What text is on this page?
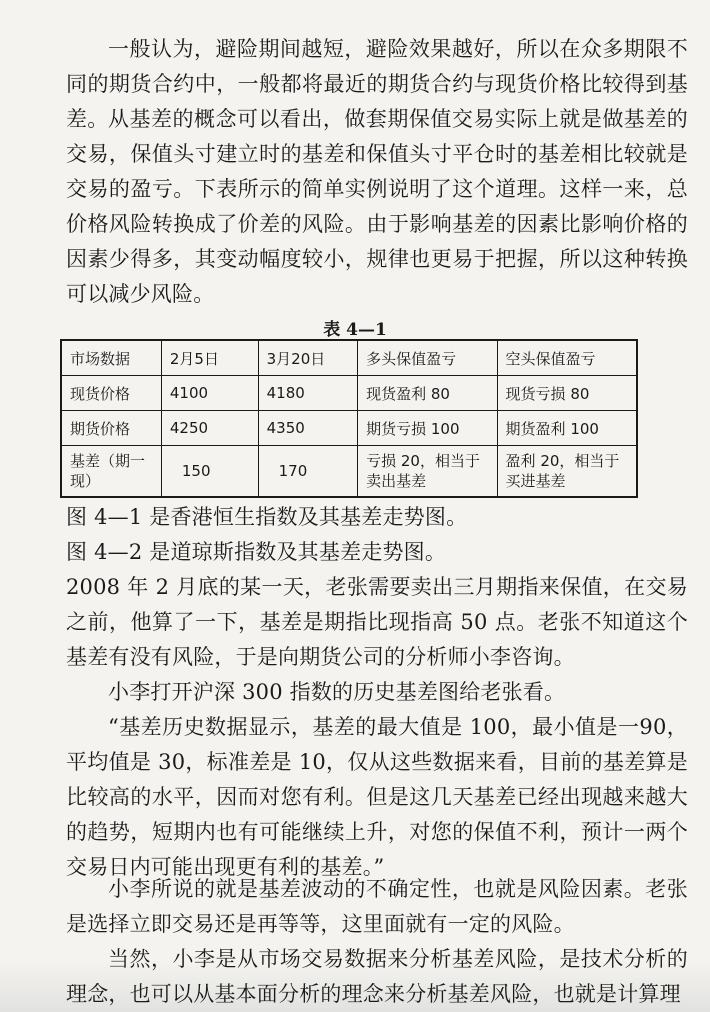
一般认为，避险期间越短，避险效果越好，所以在众多期限不同的期货合约中，一般都将最近的期货合约与现货价格比较得到基差。 从基差的概念可以看出，做套期保值交易实际上就是做基差的交易，保值头寸建立时的基差和保值头寸平仓时的基差相比较就是交易的盈亏。下表所示的简单实例说明了这个道理。这样一来，总价格风险转换成了价差的风险。由于影响基差的因素比影响价格的因素少得多，其变动幅度较小，规律也更易于把握，所以这种转换可以减少风险。

表 4—1
市场数据	2月5日	3月20日	多头保值盈亏	空头保值盈亏
现货价格	4100	4180	现货盈利 80	现货亏损 80
期货价格	4250	4350	期货亏损 100	期货盈利 100
基差（期一现）	150	170	亏损 20，相当于卖出基差	盈利 20，相当于买进基差

图 4—1 是香港恒生指数及其基差走势图。

图 4—2 是道琼斯指数及其基差走势图。

2008 年 2 月底的某一天，老张需要卖出三月期指来保值，在交易之前，他算了一下，基差是期指比现指高 50 点。老张不知道这个基差有没有风险，于是向期货公司的分析师小李咨询。

小李打开沪深 300 指数的历史基差图给老张看。

“基差历史数据显示，基差的最大值是 100，最小值是一90，平均值是 30，标准差是 10，仅从这些数据来看，目前的基差算是比较高的水平，因而对您有利。但是这几天基差已经出现越来越大的趋势，短期内也有可能继续上升，对您的保值不利，预计一两个交易日内可能出现更有利的基差。”

小李所说的就是基差波动的不确定性，也就是风险因素。老张是选择立即交易还是再等等，这里面就有一定的风险。

当然，小李是从市场交易数据来分析基差风险，是技术分析的理念，也可以从基本面分析的理念来分析基差风险，也就是计算理
